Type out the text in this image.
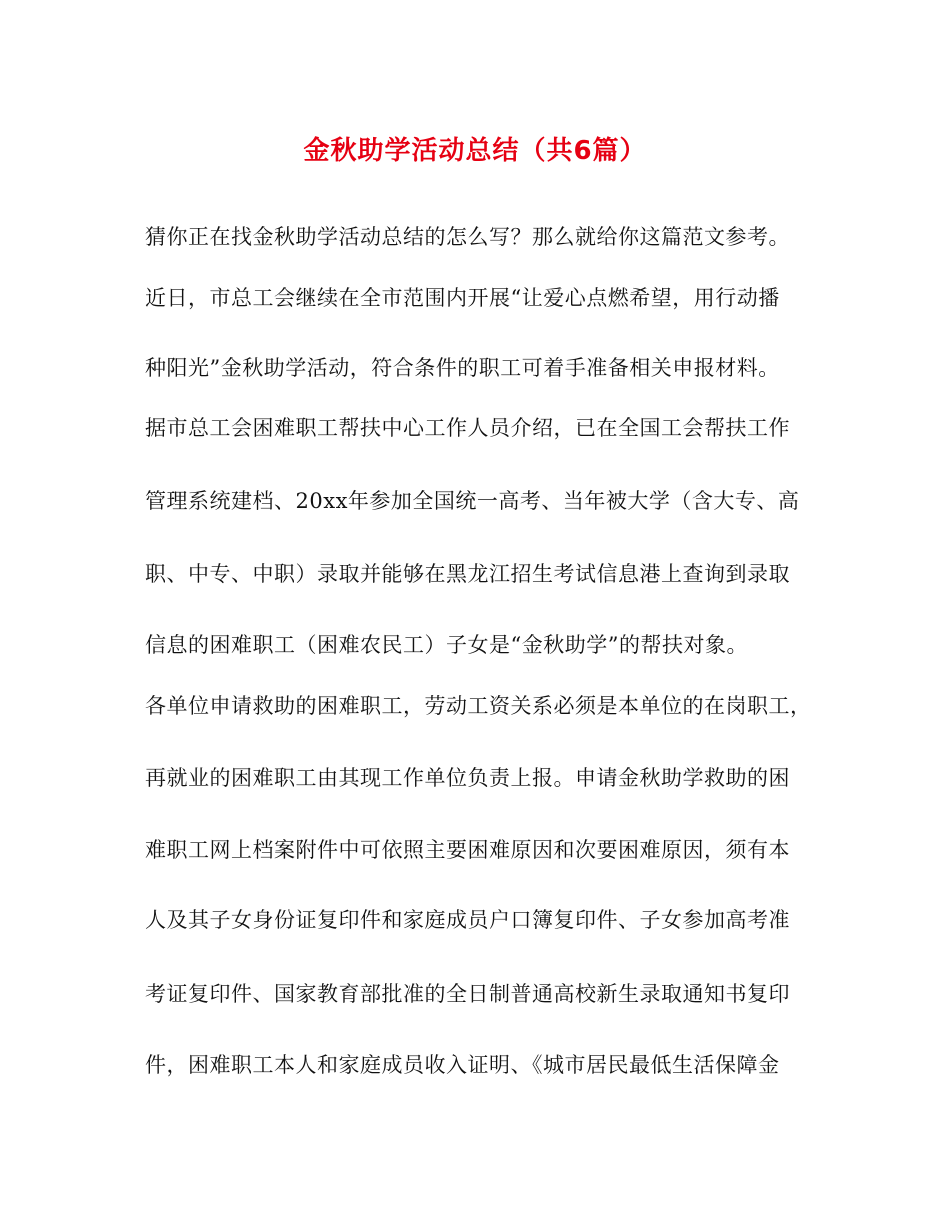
金秋助学活动总结（共6篇）
猜你正在找金秋助学活动总结的怎么写？那么就给你这篇范文参考。
近日，市总工会继续在全市范围内开展“让爱心点燃希望，用行动播
种阳光”金秋助学活动，符合条件的职工可着手准备相关申报材料。
据市总工会困难职工帮扶中心工作人员介绍，已在全国工会帮扶工作
管理系统建档、20xx年参加全国统一高考、当年被大学（含大专、高
职、中专、中职）录取并能够在黑龙江招生考试信息港上查询到录取
信息的困难职工（困难农民工）子女是“金秋助学”的帮扶对象。
各单位申请救助的困难职工，劳动工资关系必须是本单位的在岗职工，
再就业的困难职工由其现工作单位负责上报。申请金秋助学救助的困
难职工网上档案附件中可依照主要困难原因和次要困难原因，须有本
人及其子女身份证复印件和家庭成员户口簿复印件、子女参加高考准
考证复印件、国家教育部批准的全日制普通高校新生录取通知书复印
件，困难职工本人和家庭成员收入证明、《城市居民最低生活保障金
